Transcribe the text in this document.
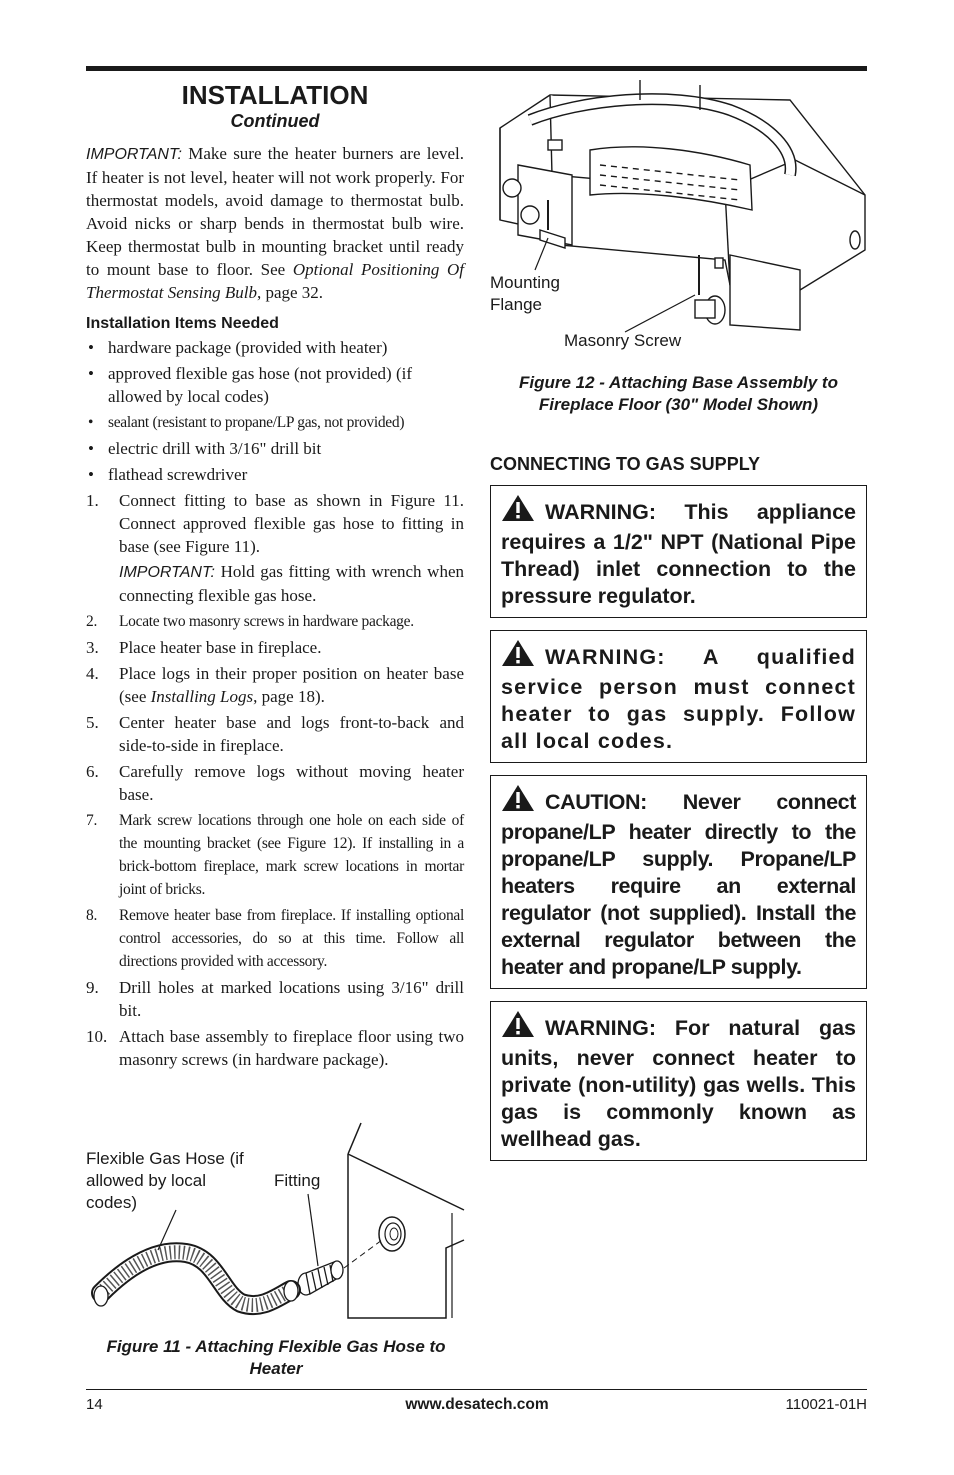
INSTALLATION
Continued
IMPORTANT: Make sure the heater burners are level. If heater is not level, heater will not work properly. For thermostat models, avoid damage to thermostat bulb. Avoid nicks or sharp bends in thermostat bulb wire. Keep thermostat bulb in mounting bracket until ready to mount base to floor. See Optional Positioning Of Thermostat Sensing Bulb, page 32.
Installation Items Needed
• hardware package (provided with heater)
• approved flexible gas hose (not provided) (if allowed by local codes)
• sealant (resistant to propane/LP gas, not provided)
• electric drill with 3/16" drill bit
• flathead screwdriver
1. Connect fitting to base as shown in Figure 11. Connect approved flexible gas hose to fitting in base (see Figure 11).
IMPORTANT: Hold gas fitting with wrench when connecting flexible gas hose.
2. Locate two masonry screws in hardware package.
3. Place heater base in fireplace.
4. Place logs in their proper position on heater base (see Installing Logs, page 18).
5. Center heater base and logs front-to-back and side-to-side in fireplace.
6. Carefully remove logs without moving heater base.
7. Mark screw locations through one hole on each side of the mounting bracket (see Figure 12). If installing in a brick-bottom fireplace, mark screw locations in mortar joint of bricks.
8. Remove heater base from fireplace. If installing optional control accessories, do so at this time. Follow all directions provided with accessory.
9. Drill holes at marked locations using 3/16" drill bit.
10. Attach base assembly to fireplace floor using two masonry screws (in hardware package).
Flexible Gas Hose (if allowed by local codes)
Fitting
Figure 11 - Attaching Flexible Gas Hose to Heater
Mounting Flange
Masonry Screw
Figure 12 - Attaching Base Assembly to Fireplace Floor (30" Model Shown)
CONNECTING TO GAS SUPPLY
WARNING: This appliance requires a 1/2" NPT (National Pipe Thread) inlet connection to the pressure regulator.
WARNING: A qualified service person must connect heater to gas supply. Follow all local codes.
CAUTION: Never connect propane/LP heater directly to the propane/LP supply. Propane/LP heaters require an external regulator (not supplied). Install the external regulator between the heater and propane/LP supply.
WARNING: For natural gas units, never connect heater to private (non-utility) gas wells. This gas is commonly known as wellhead gas.
14	www.desatech.com	110021-01H
